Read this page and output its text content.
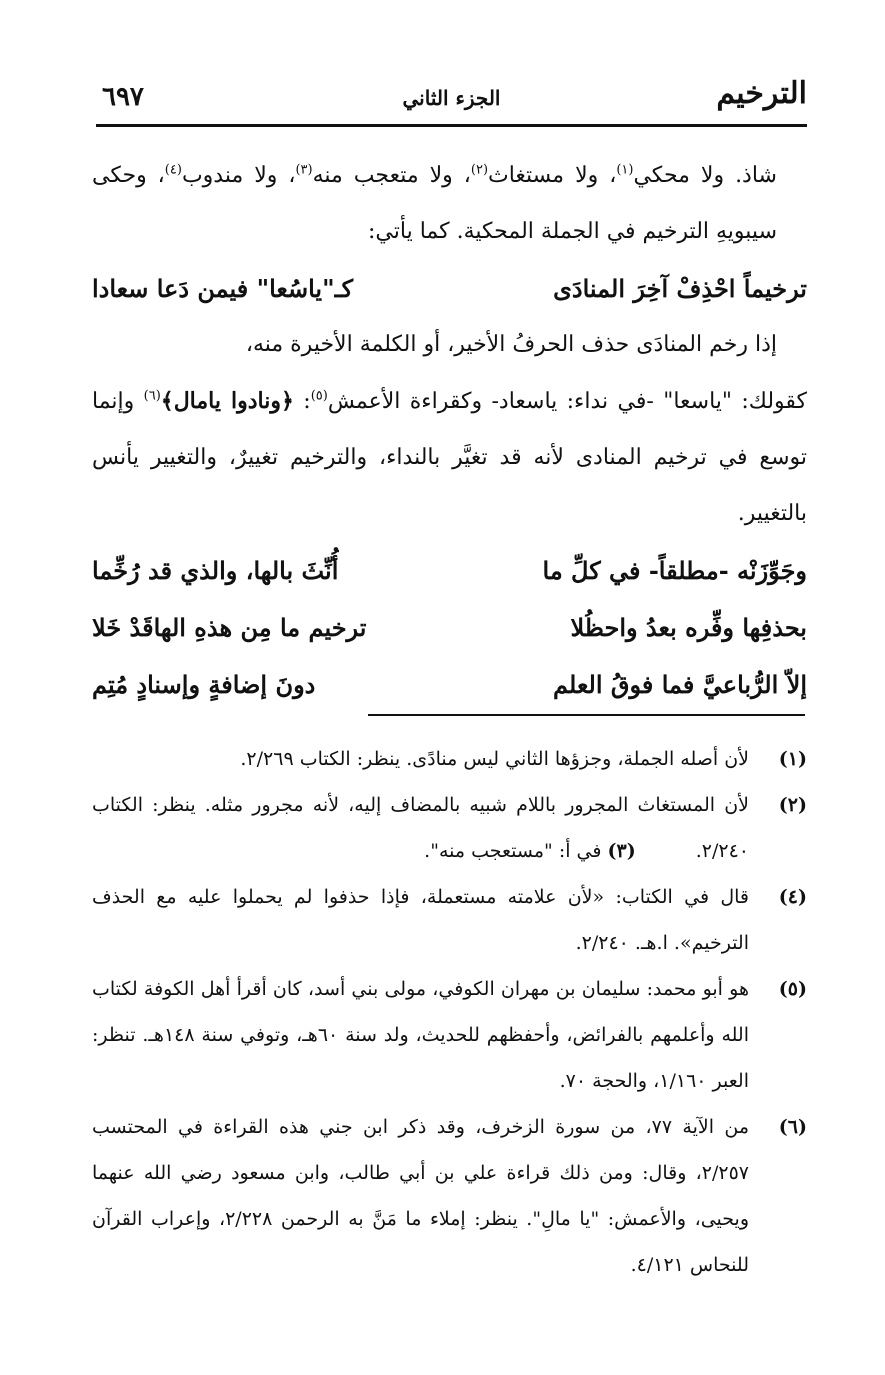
الترخيم
الجزء الثاني
٦٩٧

شاذ. ولا محكي$^{(١)}$، ولا مستغاث$^{(٢)}$، ولا متعجب منه$^{(٣)}$، ولا مندوب$^{(٤)}$، وحكى سيبويهِ الترخيم في الجملة المحكية. كما يأتي:

ترخيماً احْذِفْ آخِرَ المنادَى
كـ"ياسُعا" فيمن دَعا سعادا

إذا رخم المنادَى حذف الحرفُ الأخير، أو الكلمة الأخيرة منه،
كقولك: "ياسعا" -في نداء: ياسعاد- وكقراءة الأعمش$^{(٥)}$: ﴿ونادوا يامال﴾$^{(٦)}$ وإنما توسع في ترخيم المنادى لأنه قد تغيَّر بالنداء، والترخيم تغييرٌ، والتغيير يأنس بالتغيير.

وجَوِّزَنْه -مطلقاً- في كلِّ ما
أُنِّثَ بالها، والذي قد رُخِّما
بحذفِها وفِّره بعدُ واحظُلا
ترخيم ما مِن هذهِ الهاقَدْ خَلا
إلاّ الرُّباعيَّ فما فوقُ العلم
دونَ إضافةٍ وإسنادٍ مُتِم
(١)
لأن أصله الجملة، وجزؤها الثاني ليس منادًى. ينظر: الكتاب ٢/٢٦٩.
(٢)
لأن المستغاث المجرور باللام شبيه بالمضاف إليه، لأنه مجرور مثله. ينظر: الكتاب ٢/٢٤٠.(٣) في أ: "مستعجب منه".
(٤)
قال في الكتاب: «لأن علامته مستعملة، فإذا حذفوا لم يحملوا عليه مع الحذف الترخيم». ا.هـ. ٢/٢٤٠.
(٥)
هو أبو محمد: سليمان بن مهران الكوفي، مولى بني أسد، كان أقرأ أهل الكوفة لكتاب الله وأعلمهم بالفرائض، وأحفظهم للحديث، ولد سنة ٦٠هـ، وتوفي سنة ١٤٨هـ. تنظر: العبر ١/١٦٠، والحجة ٧٠.
(٦)
من الآية ٧٧، من سورة الزخرف، وقد ذكر ابن جني هذه القراءة في المحتسب ٢/٢٥٧، وقال: ومن ذلك قراءة علي بن أبي طالب، وابن مسعود رضي الله عنهما ويحيى، والأعمش: "يا مالِ". ينظر: إملاء ما مَنَّ به الرحمن ٢/٢٢٨، وإعراب القرآن للنحاس ٤/١٢١.
